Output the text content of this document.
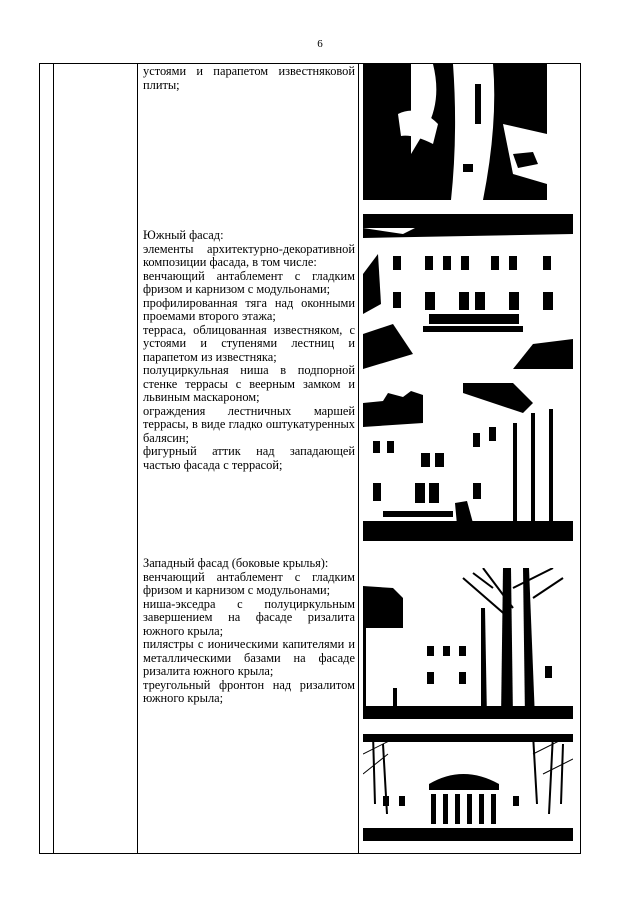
6

устоями и парапетом известняковой плиты;

Южный фасад:

элементы архитектурно-декоративной композиции фасада, в том числе:

венчающий антаблемент с гладким фризом и карнизом с модульонами;

профилированная тяга над оконными проемами второго этажа;

терраса, облицованная известняком, с устоями и ступенями лестниц и парапетом из известняка;

полуциркульная ниша в подпорной стенке террасы с веерным замком и львиным маскароном;

ограждения лестничных маршей террасы, в виде гладко оштукатуренных балясин;

фигурный аттик над западающей частью фасада с террасой;

Западный фасад (боковые крылья):

венчающий антаблемент с гладким фризом и карнизом с модульонами;

ниша-экседра с полуциркульным завершением на фасаде ризалита южного крыла;

пилястры с ионическими капителями и металлическими базами на фасаде ризалита южного крыла;

треугольный фронтон над ризалитом южного крыла;
